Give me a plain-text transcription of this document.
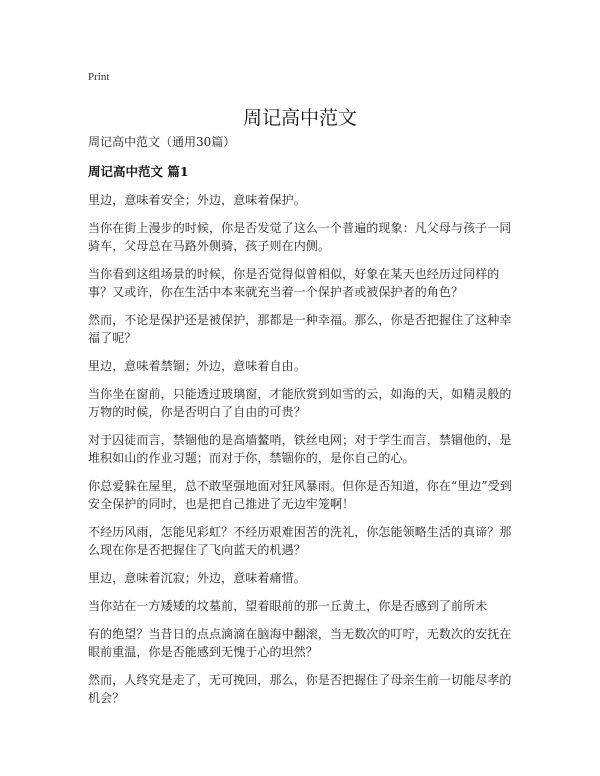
Print
周记高中范文

周记高中范文（通用30篇）

周记高中范文 篇1

里边，意味着安全；外边，意味着保护。

当你在街上漫步的时候，你是否发觉了这么一个普遍的现象：凡父母与孩子一同骑车，父母总在马路外侧骑，孩子则在内侧。

当你看到这组场景的时候，你是否觉得似曾相似，好象在某天也经历过同样的事？又或许，你在生活中本来就充当着一个保护者或被保护者的角色？

然而，不论是保护还是被保护，那都是一种幸福。那么，你是否把握住了这种幸福了呢？

里边，意味着禁锢；外边，意味着自由。

当你坐在窗前，只能透过玻璃窗，才能欣赏到如雪的云，如海的天，如精灵般的万物的时候，你是否明白了自由的可贵？

对于囚徒而言，禁锢他的是高墙鳌哨，铁丝电网；对于学生而言，禁锢他的，是堆积如山的作业习题；而对于你，禁锢你的，是你自己的心。

你总爱躲在屋里，总不敢坚强地面对狂风暴雨。但你是否知道，你在“里边”受到安全保护的同时，也是把自己推进了无边牢笼啊！

不经历风雨，怎能见彩虹？不经历艰难困苦的洗礼，你怎能领略生活的真谛？那么现在你是否把握住了飞向蓝天的机遇？

里边，意味着沉寂；外边，意味着痛惜。

当你站在一方矮矮的坟墓前，望着眼前的那一丘黄土，你是否感到了前所未

有的绝望？当昔日的点点滴滴在脑海中翻滚，当无数次的叮咛，无数次的安抚在眼前重温，你是否能感到无愧于心的坦然？

然而，人终究是走了，无可挽回，那么，你是否把握住了母亲生前一切能尽孝的机会？
